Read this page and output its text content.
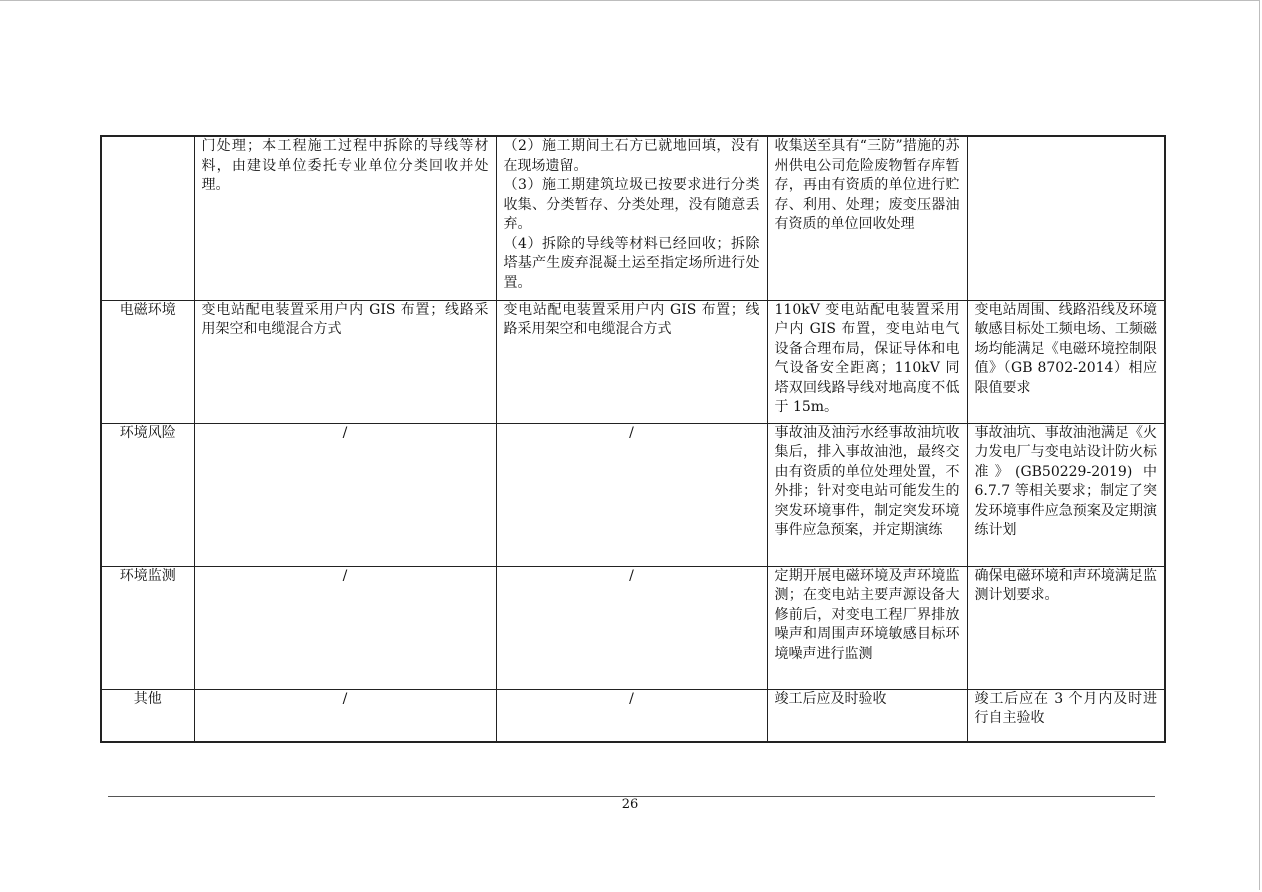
	门处理；本工程施工过程中拆除的导线等材料，由建设单位委托专业单位分类回收并处理。	（2）施工期间土石方已就地回填，没有在现场遗留。
（3）施工期建筑垃圾已按要求进行分类收集、分类暂存、分类处理，没有随意丢弃。
（4）拆除的导线等材料已经回收；拆除塔基产生废弃混凝土运至指定场所进行处置。	收集送至具有“三防”措施的苏州供电公司危险废物暂存库暂存，再由有资质的单位进行贮存、利用、处理；废变压器油有资质的单位回收处理	
电磁环境	变电站配电装置采用户内 GIS 布置；线路采用架空和电缆混合方式	变电站配电装置采用户内 GIS 布置；线路采用架空和电缆混合方式	110kV 变电站配电装置采用户内 GIS 布置，变电站电气设备合理布局，保证导体和电气设备安全距离；110kV 同塔双回线路导线对地高度不低于 15m。	变电站周围、线路沿线及环境敏感目标处工频电场、工频磁场均能满足《电磁环境控制限值》（GB 8702-2014）相应限值要求
环境风险	/	/	事故油及油污水经事故油坑收集后，排入事故油池，最终交由有资质的单位处理处置，不外排；针对变电站可能发生的突发环境事件，制定突发环境事件应急预案，并定期演练	事故油坑、事故油池满足《火力发电厂与变电站设计防火标准》(GB50229-2019) 中 6.7.7 等相关要求；制定了突发环境事件应急预案及定期演练计划
环境监测	/	/	定期开展电磁环境及声环境监测；在变电站主要声源设备大修前后，对变电工程厂界排放噪声和周围声环境敏感目标环境噪声进行监测	确保电磁环境和声环境满足监测计划要求。
其他	/	/	竣工后应及时验收	竣工后应在 3 个月内及时进行自主验收
26
